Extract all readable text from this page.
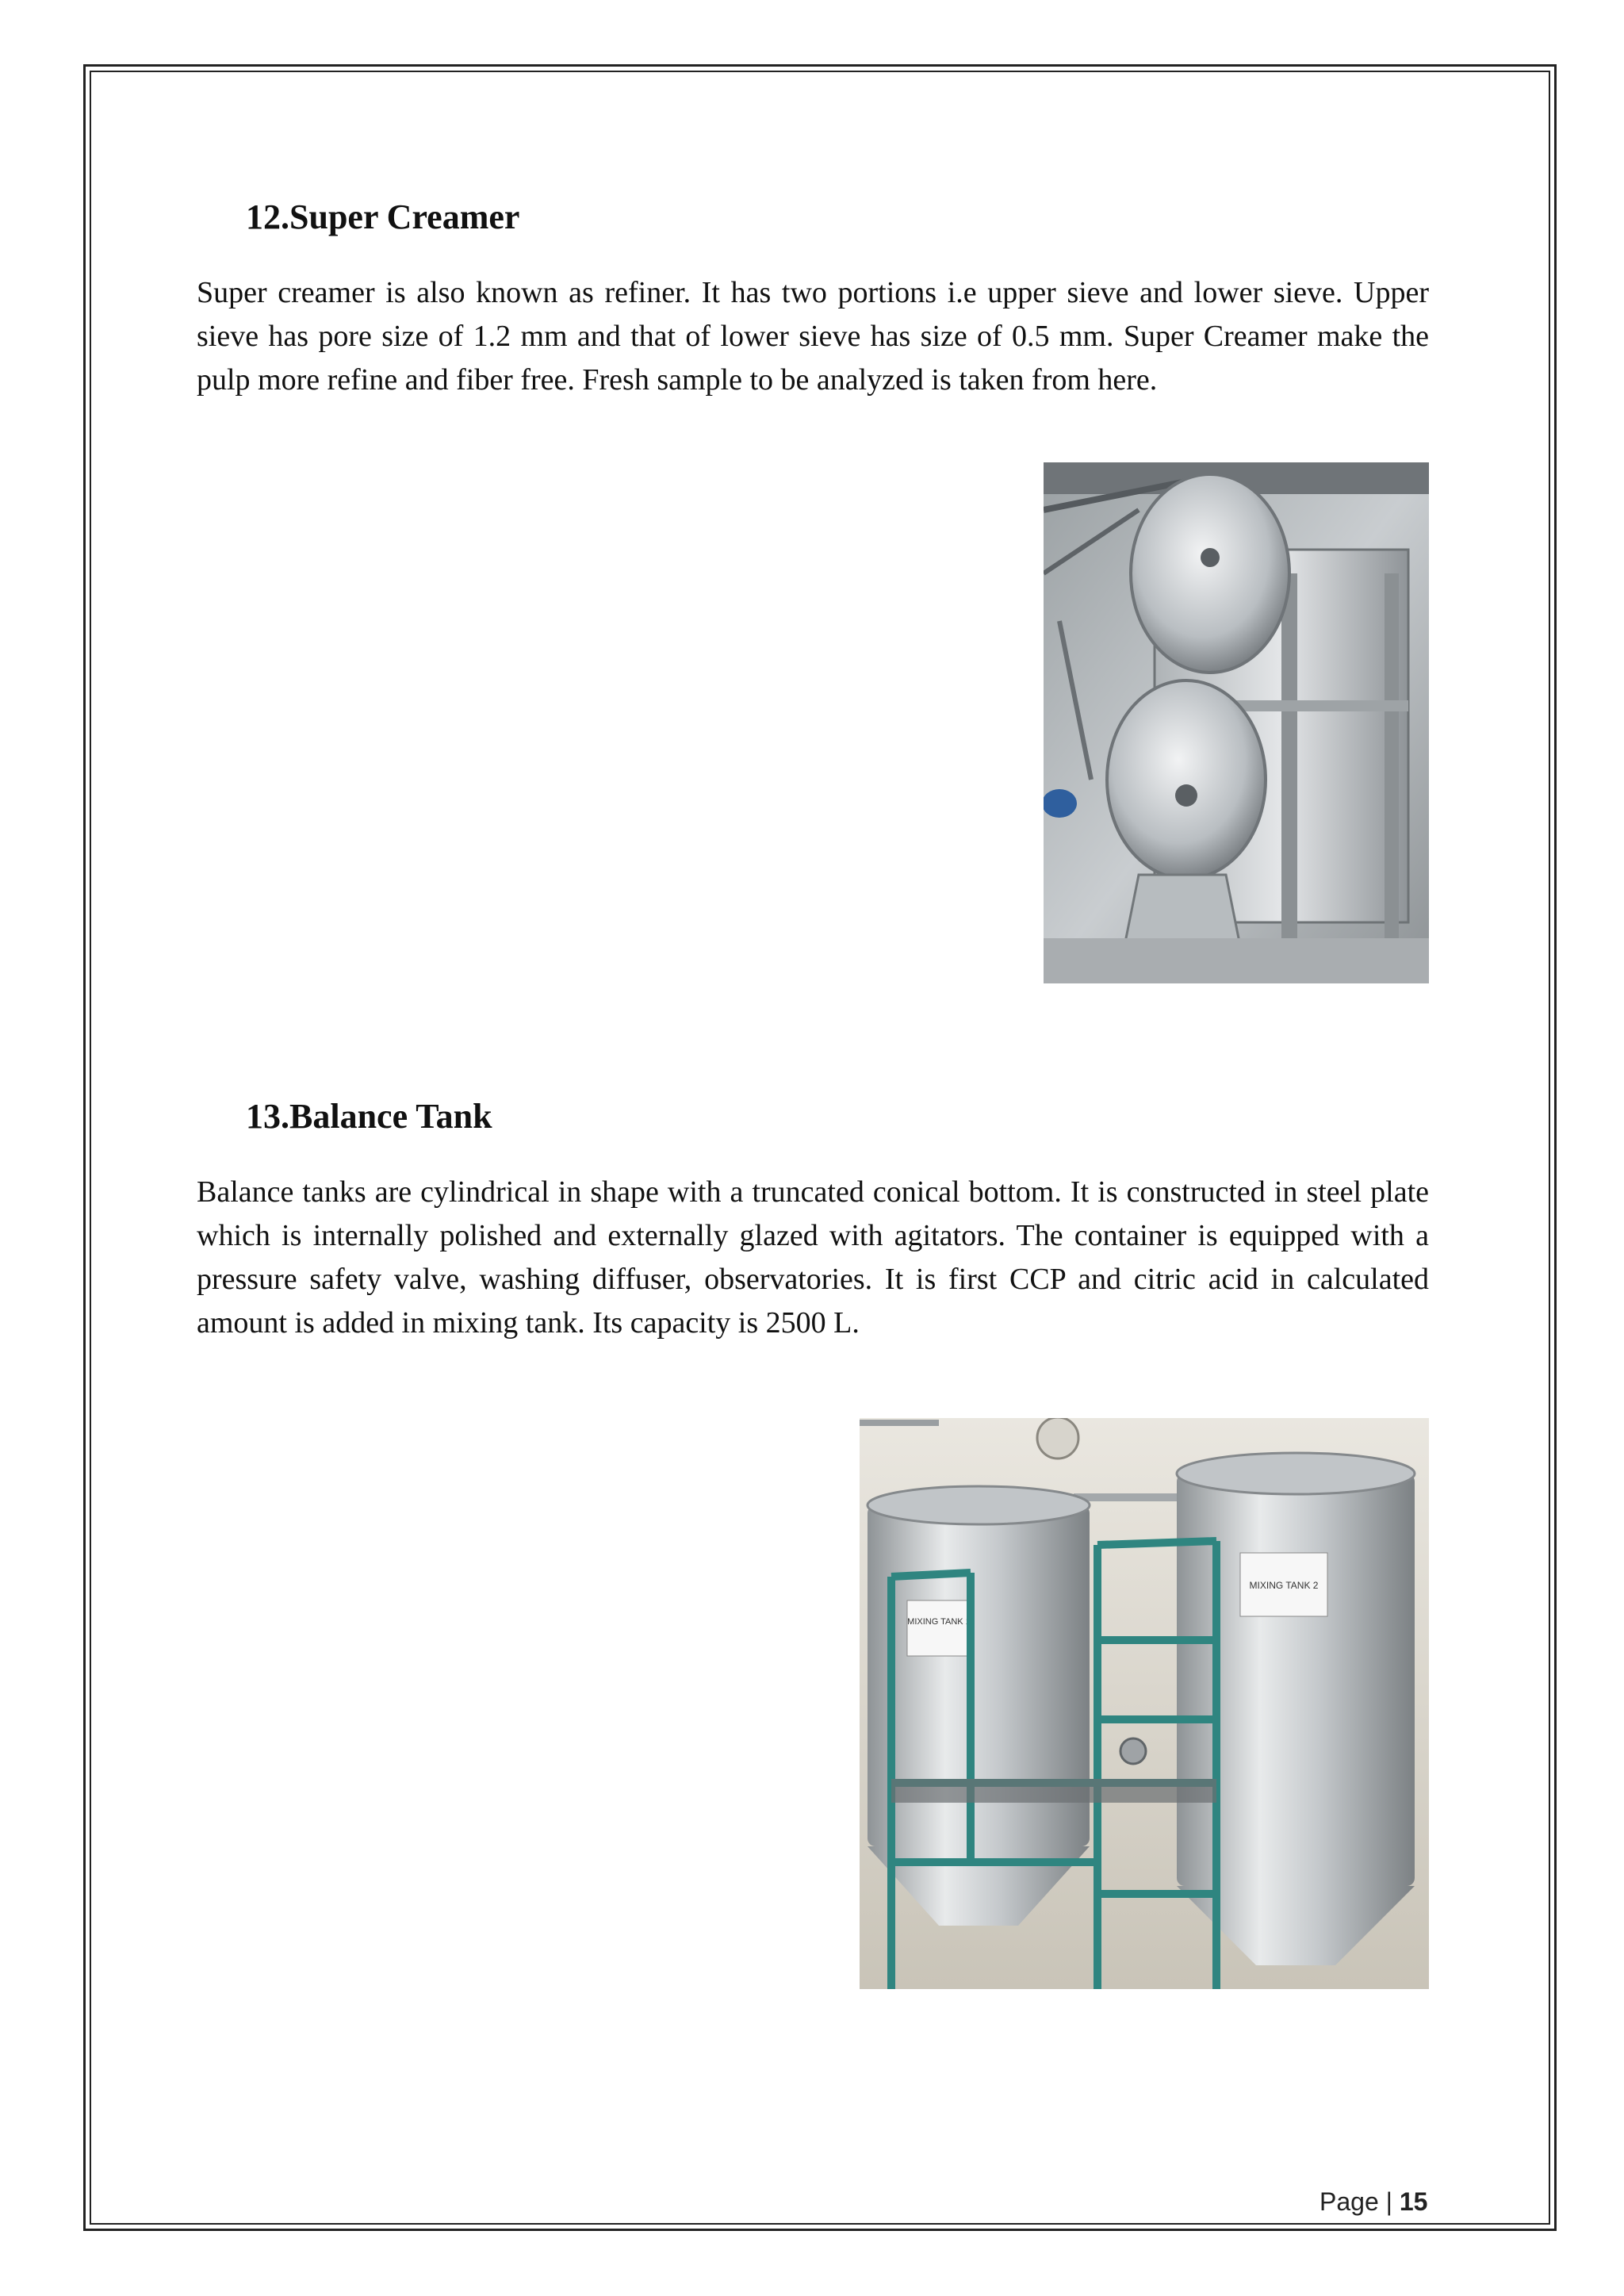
12.Super Creamer

Super creamer is also known as refiner. It has two portions i.e upper sieve and lower sieve. Upper sieve has pore size of 1.2 mm and that of lower sieve has size of 0.5 mm. Super Creamer make the pulp more refine and fiber free. Fresh sample to be analyzed is taken from here.

13.Balance Tank

Balance tanks are cylindrical in shape with a truncated conical bottom. It is constructed in steel plate which is internally polished and externally glazed with agitators. The container is equipped with a pressure safety valve, washing diffuser, observatories. It is first CCP and citric acid in calculated amount is added in mixing tank. Its capacity is 2500 L.

MIXING TANK 1
MIXING TANK 2
Page | 15
